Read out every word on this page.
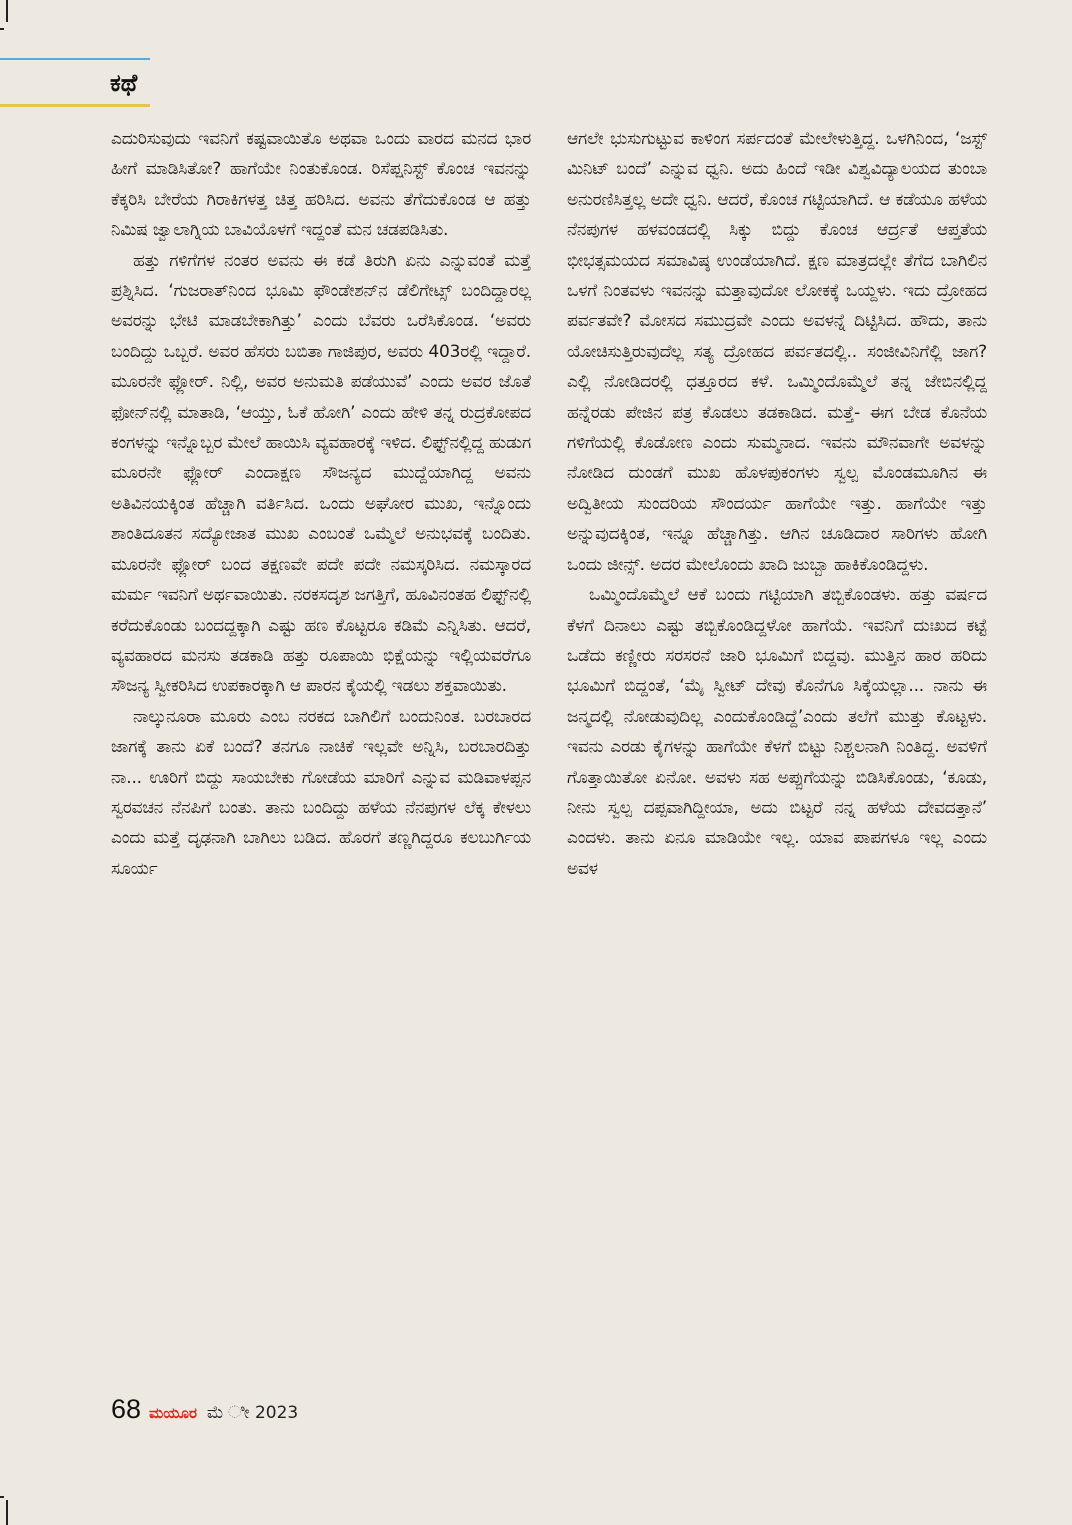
ಕಥೆ

ಎದುರಿಸುವುದು ಇವನಿಗೆ ಕಷ್ಟವಾಯಿತೊ ಅಥವಾ ಒಂದು ವಾರದ ಮನದ ಭಾರ ಹೀಗೆ ಮಾಡಿಸಿತೋ? ಹಾಗೆಯೇ ನಿಂತುಕೊಂಡ. ರಿಸೆಪ್ಷನಿಸ್ಟ್ ಕೊಂಚ ಇವನನ್ನು ಕೆಕ್ಕರಿಸಿ ಬೇರೆಯ ಗಿರಾಕಿಗಳತ್ತ ಚಿತ್ತ ಹರಿಸಿದ. ಅವನು ತೆಗೆದುಕೊಂಡ ಆ ಹತ್ತು ನಿಮಿಷ ಜ್ವಾಲಾಗ್ನಿಯ ಬಾವಿಯೊಳಗೆ ಇದ್ದಂತೆ ಮನ ಚಡಪಡಿಸಿತು.

ಹತ್ತು ಗಳಿಗೆಗಳ ನಂತರ ಅವನು ಈ ಕಡೆ ತಿರುಗಿ ಏನು ಎನ್ನುವಂತೆ ಮತ್ತೆ ಪ್ರಶ್ನಿಸಿದ. ‘ಗುಜರಾತ್‌ನಿಂದ ಭೂಮಿ ಫೌಂಡೇಶನ್‌ನ ಡೆಲಿಗೇಟ್ಸ್ ಬಂದಿದ್ದಾರಲ್ಲ ಅವರನ್ನು ಭೇಟಿ ಮಾಡಬೇಕಾಗಿತ್ತು’ ಎಂದು ಬೆವರು ಒರೆಸಿಕೊಂಡ. ‘ಅವರು ಬಂದಿದ್ದು ಒಬ್ಬರೆ. ಅವರ ಹೆಸರು ಬಬಿತಾ ಗಾಜಿಪುರ, ಅವರು 403ರಲ್ಲಿ ಇದ್ದಾರೆ. ಮೂರನೇ ಫ್ಲೋರ್. ನಿಲ್ಲಿ, ಅವರ ಅನುಮತಿ ಪಡೆಯುವೆ’ ಎಂದು ಅವರ ಜೊತೆ ಫೋನ್‌ನಲ್ಲಿ ಮಾತಾಡಿ, ‘ಆಯ್ತು, ಓಕೆ ಹೋಗಿ’ ಎಂದು ಹೇಳಿ ತನ್ನ ರುದ್ರಕೋಪದ ಕಂಗಳನ್ನು ಇನ್ನೊಬ್ಬರ ಮೇಲೆ ಹಾಯಿಸಿ ವ್ಯವಹಾರಕ್ಕೆ ಇಳಿದ. ಲಿಫ್ಟ್‌ನಲ್ಲಿದ್ದ ಹುಡುಗ ಮೂರನೇ ಫ್ಲೋರ್ ಎಂದಾಕ್ಷಣ ಸೌಜನ್ಯದ ಮುದ್ದೆಯಾಗಿದ್ದ ಅವನು ಅತಿವಿನಯಕ್ಕಿಂತ ಹೆಚ್ಚಾಗಿ ವರ್ತಿಸಿದ. ಒಂದು ಅಘೋರ ಮುಖ, ಇನ್ನೊಂದು ಶಾಂತಿದೂತನ ಸದ್ಯೋಜಾತ ಮುಖ ಎಂಬಂತೆ ಒಮ್ಮೆಲೆ ಅನುಭವಕ್ಕೆ ಬಂದಿತು. ಮೂರನೇ ಫ್ಲೋರ್ ಬಂದ ತಕ್ಷಣವೇ ಪದೇ ಪದೇ ನಮಸ್ಕರಿಸಿದ. ನಮಸ್ಕಾರದ ಮರ್ಮ ಇವನಿಗೆ ಅರ್ಥವಾಯಿತು. ನರಕಸದೃಶ ಜಗತ್ತಿಗೆ, ಹೂವಿನಂತಹ ಲಿಫ್ಟ್‌ನಲ್ಲಿ ಕರೆದುಕೊಂಡು ಬಂದದ್ದಕ್ಕಾಗಿ ಎಷ್ಟು ಹಣ ಕೊಟ್ಟರೂ ಕಡಿಮೆ ಎನ್ನಿಸಿತು. ಆದರೆ, ವ್ಯವಹಾರದ ಮನಸು ತಡಕಾಡಿ ಹತ್ತು ರೂಪಾಯಿ ಭಿಕ್ಷೆಯನ್ನು ಇಲ್ಲಿಯವರೆಗೂ ಸೌಜನ್ಯ ಸ್ವೀಕರಿಸಿದ ಉಪಕಾರಕ್ಕಾಗಿ ಆ ಪಾರನ ಕೈಯಲ್ಲಿ ಇಡಲು ಶಕ್ತವಾಯಿತು.

ನಾಲ್ಕುನೂರಾ ಮೂರು ಎಂಬ ನರಕದ ಬಾಗಿಲಿಗೆ ಬಂದುನಿಂತ. ಬರಬಾರದ ಜಾಗಕ್ಕೆ ತಾನು ಏಕೆ ಬಂದೆ? ತನಗೂ ನಾಚಿಕೆ ಇಲ್ಲವೇ ಅನ್ನಿಸಿ, ಬರಬಾರದಿತ್ತು ನಾ... ಊರಿಗೆ ಬಿದ್ದು ಸಾಯಬೇಕು ಗೋಡೆಯ ಮಾರಿಗೆ ಎನ್ನುವ ಮಡಿವಾಳಪ್ಪನ ಸ್ವರವಚನ ನೆನಪಿಗೆ ಬಂತು. ತಾನು ಬಂದಿದ್ದು ಹಳೆಯ ನೆನಪುಗಳ ಲೆಕ್ಕ ಕೇಳಲು ಎಂದು ಮತ್ತೆ ದೃಢನಾಗಿ ಬಾಗಿಲು ಬಡಿದ. ಹೊರಗೆ ತಣ್ಣಗಿದ್ದರೂ ಕಲಬುರ್ಗಿಯ ಸೂರ್ಯ

ಆಗಲೇ ಭುಸುಗುಟ್ಟುವ ಕಾಳಿಂಗ ಸರ್ಪದಂತೆ ಮೇಲೇಳುತ್ತಿದ್ದ. ಒಳಗಿನಿಂದ, ‘ಜಸ್ಟ್ ಮಿನಿಟ್ ಬಂದೆ’ ಎನ್ನುವ ಧ್ವನಿ. ಅದು ಹಿಂದೆ ಇಡೀ ವಿಶ್ವವಿದ್ಯಾಲಯದ ತುಂಬಾ ಅನುರಣಿಸಿತ್ತಲ್ಲ ಅದೇ ಧ್ವನಿ. ಆದರೆ, ಕೊಂಚ ಗಟ್ಟಿಯಾಗಿದೆ. ಆ ಕಡೆಯೂ ಹಳೆಯ ನೆನಪುಗಳ ಹಳವಂಡದಲ್ಲಿ ಸಿಕ್ಕು ಬಿದ್ದು ಕೊಂಚ ಆರ್ದ್ರತೆ ಆಪ್ತತೆಯ ಭೀಭತ್ಸಮಯದ ಸಮಾವಿಷ್ಠ ಉಂಡೆಯಾಗಿದೆ. ಕ್ಷಣ ಮಾತ್ರದಲ್ಲೇ ತೆಗೆದ ಬಾಗಿಲಿನ ಒಳಗೆ ನಿಂತವಳು ಇವನನ್ನು ಮತ್ತಾವುದೋ ಲೋಕಕ್ಕೆ ಒಯ್ದಳು. ಇದು ದ್ರೋಹದ ಪರ್ವತವೇ? ಮೋಸದ ಸಮುದ್ರವೇ ಎಂದು ಅವಳನ್ನೆ ದಿಟ್ಟಿಸಿದ. ಹೌದು, ತಾನು ಯೋಚಿಸುತ್ತಿರುವುದೆಲ್ಲ ಸತ್ಯ ದ್ರೋಹದ ಪರ್ವತದಲ್ಲಿ.. ಸಂಜೀವಿನಿಗೆಲ್ಲಿ ಜಾಗ? ಎಲ್ಲಿ ನೋಡಿದರಲ್ಲಿ ಧತ್ತೂರದ ಕಳೆ. ಒಮ್ಮಿಂದೊಮ್ಮೆಲೆ ತನ್ನ ಜೇಬಿನಲ್ಲಿದ್ದ ಹನ್ನೆರಡು ಪೇಜಿನ ಪತ್ರ ಕೊಡಲು ತಡಕಾಡಿದ. ಮತ್ತೆ- ಈಗ ಬೇಡ ಕೊನೆಯ ಗಳಿಗೆಯಲ್ಲಿ ಕೊಡೋಣ ಎಂದು ಸುಮ್ಮನಾದ. ಇವನು ಮೌನವಾಗೇ ಅವಳನ್ನು ನೋಡಿದ ದುಂಡಗೆ ಮುಖ ಹೊಳಪುಕಂಗಳು ಸ್ವಲ್ಪ ಮೊಂಡಮೂಗಿನ ಈ ಅದ್ವಿತೀಯ ಸುಂದರಿಯ ಸೌಂದರ್ಯ ಹಾಗೆಯೇ ಇತ್ತು. ಹಾಗೆಯೇ ಇತ್ತು ಅನ್ನುವುದಕ್ಕಿಂತ, ಇನ್ನೂ ಹೆಚ್ಚಾಗಿತ್ತು. ಆಗಿನ ಚೂಡಿದಾರ ಸಾರಿಗಳು ಹೋಗಿ ಒಂದು ಜೀನ್ಸ್. ಅದರ ಮೇಲೊಂದು ಖಾದಿ ಜುಬ್ಬಾ ಹಾಕಿಕೊಂಡಿದ್ದಳು.

ಒಮ್ಮಿಂದೊಮ್ಮೆಲೆ ಆಕೆ ಬಂದು ಗಟ್ಟಿಯಾಗಿ ತಬ್ಬಿಕೊಂಡಳು. ಹತ್ತು ವರ್ಷದ ಕೆಳಗೆ ದಿನಾಲು ಎಷ್ಟು ತಬ್ಬಿಕೊಂಡಿದ್ದಳೋ ಹಾಗೆಯೆ. ಇವನಿಗೆ ದುಃಖದ ಕಟ್ಟೆ ಒಡೆದು ಕಣ್ಣೀರು ಸರಸರನೆ ಜಾರಿ ಭೂಮಿಗೆ ಬಿದ್ದವು. ಮುತ್ತಿನ ಹಾರ ಹರಿದು ಭೂಮಿಗೆ ಬಿದ್ದಂತೆ, ‘ಮೈ ಸ್ವೀಟ್ ದೇವು ಕೊನೆಗೂ ಸಿಕ್ಕೆಯಲ್ಲಾ... ನಾನು ಈ ಜನ್ಮದಲ್ಲಿ ನೋಡುವುದಿಲ್ಲ ಎಂದುಕೊಂಡಿದ್ದೆ’ಎಂದು ತಲೆಗೆ ಮುತ್ತು ಕೊಟ್ಟಳು. ಇವನು ಎರಡು ಕೈಗಳನ್ನು ಹಾಗೆಯೇ ಕೆಳಗೆ ಬಿಟ್ಟು ನಿಶ್ಚಲನಾಗಿ ನಿಂತಿದ್ದ. ಅವಳಿಗೆ ಗೊತ್ತಾಯಿತೋ ಏನೋ. ಅವಳು ಸಹ ಅಪ್ಪುಗೆಯನ್ನು ಬಿಡಿಸಿಕೊಂಡು, ‘ಕೂಡು, ನೀನು ಸ್ವಲ್ಪ ದಪ್ಪವಾಗಿದ್ದೀಯಾ, ಅದು ಬಿಟ್ಟರೆ ನನ್ನ ಹಳೆಯ ದೇವದತ್ತಾನೆ’ ಎಂದಳು. ತಾನು ಏನೂ ಮಾಡಿಯೇ ಇಲ್ಲ. ಯಾವ ಪಾಪಗಳೂ ಇಲ್ಲ ಎಂದು ಅವಳ

68 ಮಯೂರ ಮೆ ೀ 2023
